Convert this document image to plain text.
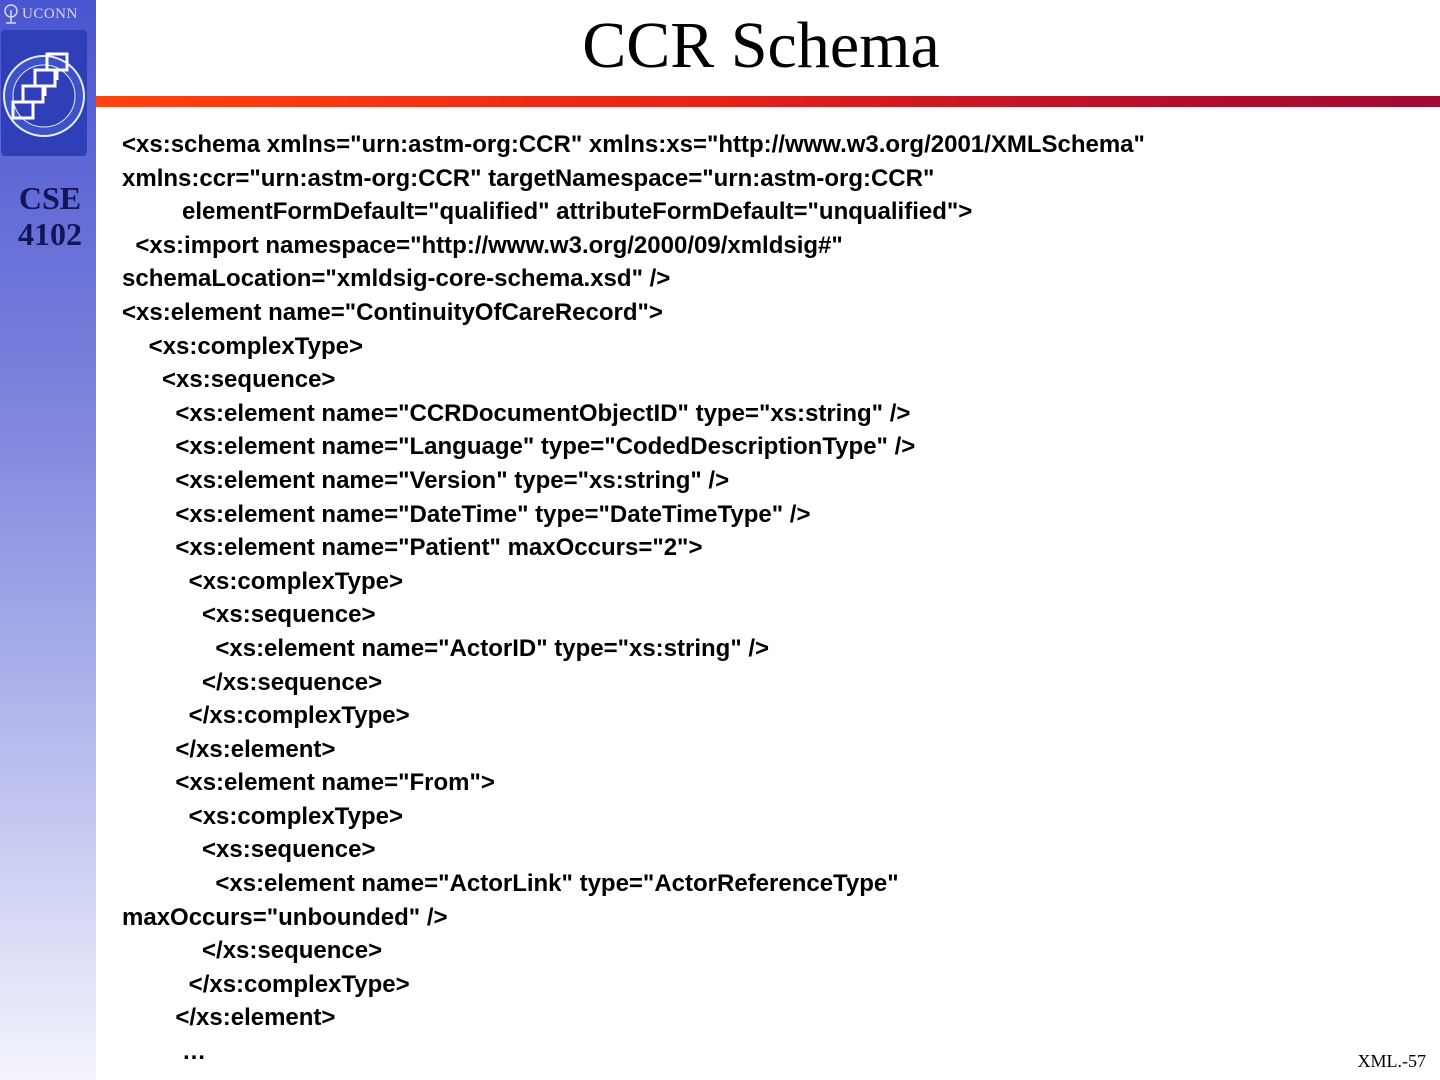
UCONN
CSE
4102
CCR Schema
<xs:schema xmlns="urn:astm-org:CCR" xmlns:xs="http://www.w3.org/2001/XMLSchema"
xmlns:ccr="urn:astm-org:CCR" targetNamespace="urn:astm-org:CCR"
elementFormDefault="qualified" attributeFormDefault="unqualified">
<xs:import namespace="http://www.w3.org/2000/09/xmldsig#"
schemaLocation="xmldsig-core-schema.xsd" />
<xs:element name="ContinuityOfCareRecord">
<xs:complexType>
<xs:sequence>
<xs:element name="CCRDocumentObjectID" type="xs:string" />
<xs:element name="Language" type="CodedDescriptionType" />
<xs:element name="Version" type="xs:string" />
<xs:element name="DateTime" type="DateTimeType" />
<xs:element name="Patient" maxOccurs="2">
<xs:complexType>
<xs:sequence>
<xs:element name="ActorID" type="xs:string" />
</xs:sequence>
</xs:complexType>
</xs:element>
<xs:element name="From">
<xs:complexType>
<xs:sequence>
<xs:element name="ActorLink" type="ActorReferenceType"
maxOccurs="unbounded" />
</xs:sequence>
</xs:complexType>
</xs:element>
…	XML.-57
